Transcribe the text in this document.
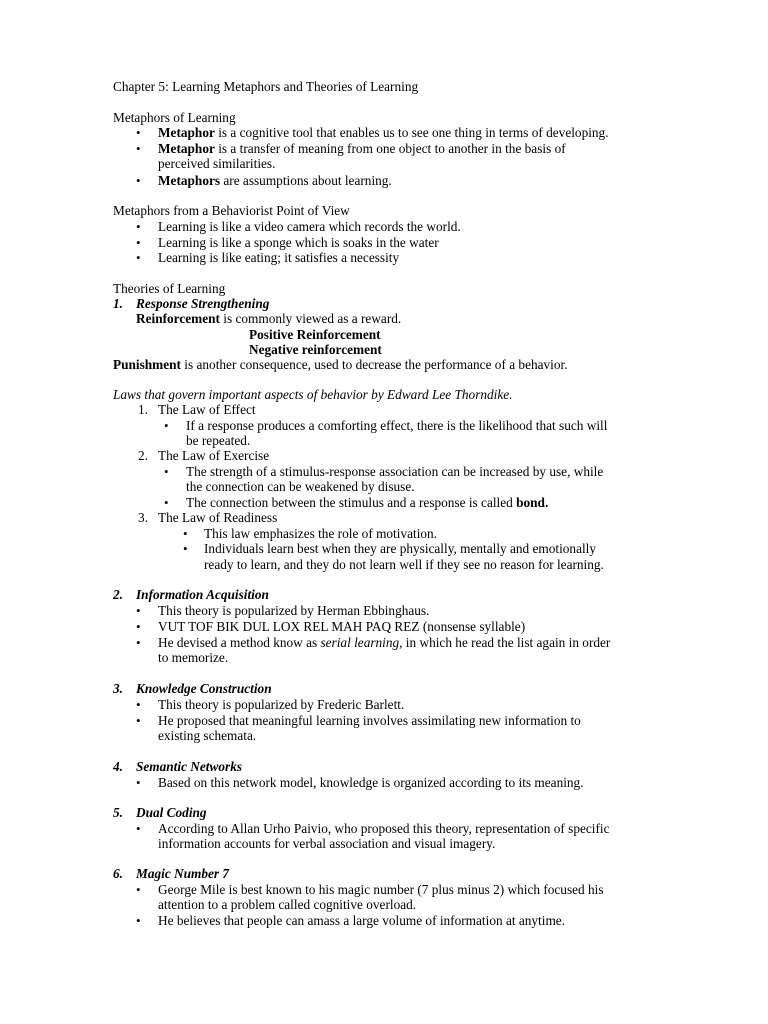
Chapter 5: Learning Metaphors and Theories of Learning
Metaphors of Learning
• Metaphor is a cognitive tool that enables us to see one thing in terms of developing.
• Metaphor is a transfer of meaning from one object to another in the basis of
perceived similarities.
• Metaphors are assumptions about learning.
Metaphors from a Behaviorist Point of View
• Learning is like a video camera which records the world.
• Learning is like a sponge which is soaks in the water
• Learning is like eating; it satisfies a necessity
Theories of Learning
1. Response Strengthening
Reinforcement is commonly viewed as a reward.
Positive Reinforcement
Negative reinforcement
Punishment is another consequence, used to decrease the performance of a behavior.
Laws that govern important aspects of behavior by Edward Lee Thorndike.
1. The Law of Effect
• If a response produces a comforting effect, there is the likelihood that such will
be repeated.
2. The Law of Exercise
• The strength of a stimulus-response association can be increased by use, while
the connection can be weakened by disuse.
• The connection between the stimulus and a response is called bond.
3. The Law of Readiness
• This law emphasizes the role of motivation.
• Individuals learn best when they are physically, mentally and emotionally
ready to learn, and they do not learn well if they see no reason for learning.
2. Information Acquisition
• This theory is popularized by Herman Ebbinghaus.
• VUT TOF BIK DUL LOX REL MAH PAQ REZ (nonsense syllable)
• He devised a method know as serial learning, in which he read the list again in order
to memorize.
3. Knowledge Construction
• This theory is popularized by Frederic Barlett.
• He proposed that meaningful learning involves assimilating new information to
existing schemata.
4. Semantic Networks
• Based on this network model, knowledge is organized according to its meaning.
5. Dual Coding
• According to Allan Urho Paivio, who proposed this theory, representation of specific
information accounts for verbal association and visual imagery.
6. Magic Number 7
• George Mile is best known to his magic number (7 plus minus 2) which focused his
attention to a problem called cognitive overload.
• He believes that people can amass a large volume of information at anytime.
